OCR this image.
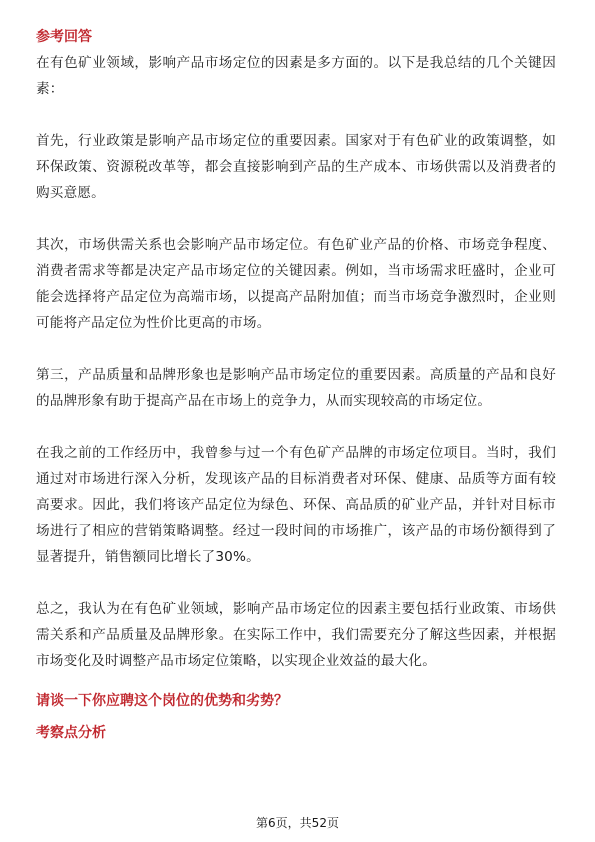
参考回答

在有色矿业领域，影响产品市场定位的因素是多方面的。以下是我总结的几个关键因素：

首先，行业政策是影响产品市场定位的重要因素。国家对于有色矿业的政策调整，如环保政策、资源税改革等，都会直接影响到产品的生产成本、市场供需以及消费者的购买意愿。

其次，市场供需关系也会影响产品市场定位。有色矿业产品的价格、市场竞争程度、消费者需求等都是决定产品市场定位的关键因素。例如，当市场需求旺盛时，企业可能会选择将产品定位为高端市场，以提高产品附加值；而当市场竞争激烈时，企业则可能将产品定位为性价比更高的市场。

第三，产品质量和品牌形象也是影响产品市场定位的重要因素。高质量的产品和良好的品牌形象有助于提高产品在市场上的竞争力，从而实现较高的市场定位。

在我之前的工作经历中，我曾参与过一个有色矿产品牌的市场定位项目。当时，我们通过对市场进行深入分析，发现该产品的目标消费者对环保、健康、品质等方面有较高要求。因此，我们将该产品定位为绿色、环保、高品质的矿业产品，并针对目标市场进行了相应的营销策略调整。经过一段时间的市场推广，该产品的市场份额得到了显著提升，销售额同比增长了30%。

总之，我认为在有色矿业领域，影响产品市场定位的因素主要包括行业政策、市场供需关系和产品质量及品牌形象。在实际工作中，我们需要充分了解这些因素，并根据市场变化及时调整产品市场定位策略，以实现企业效益的最大化。

请谈一下你应聘这个岗位的优势和劣势？

考察点分析

第6页，共52页
